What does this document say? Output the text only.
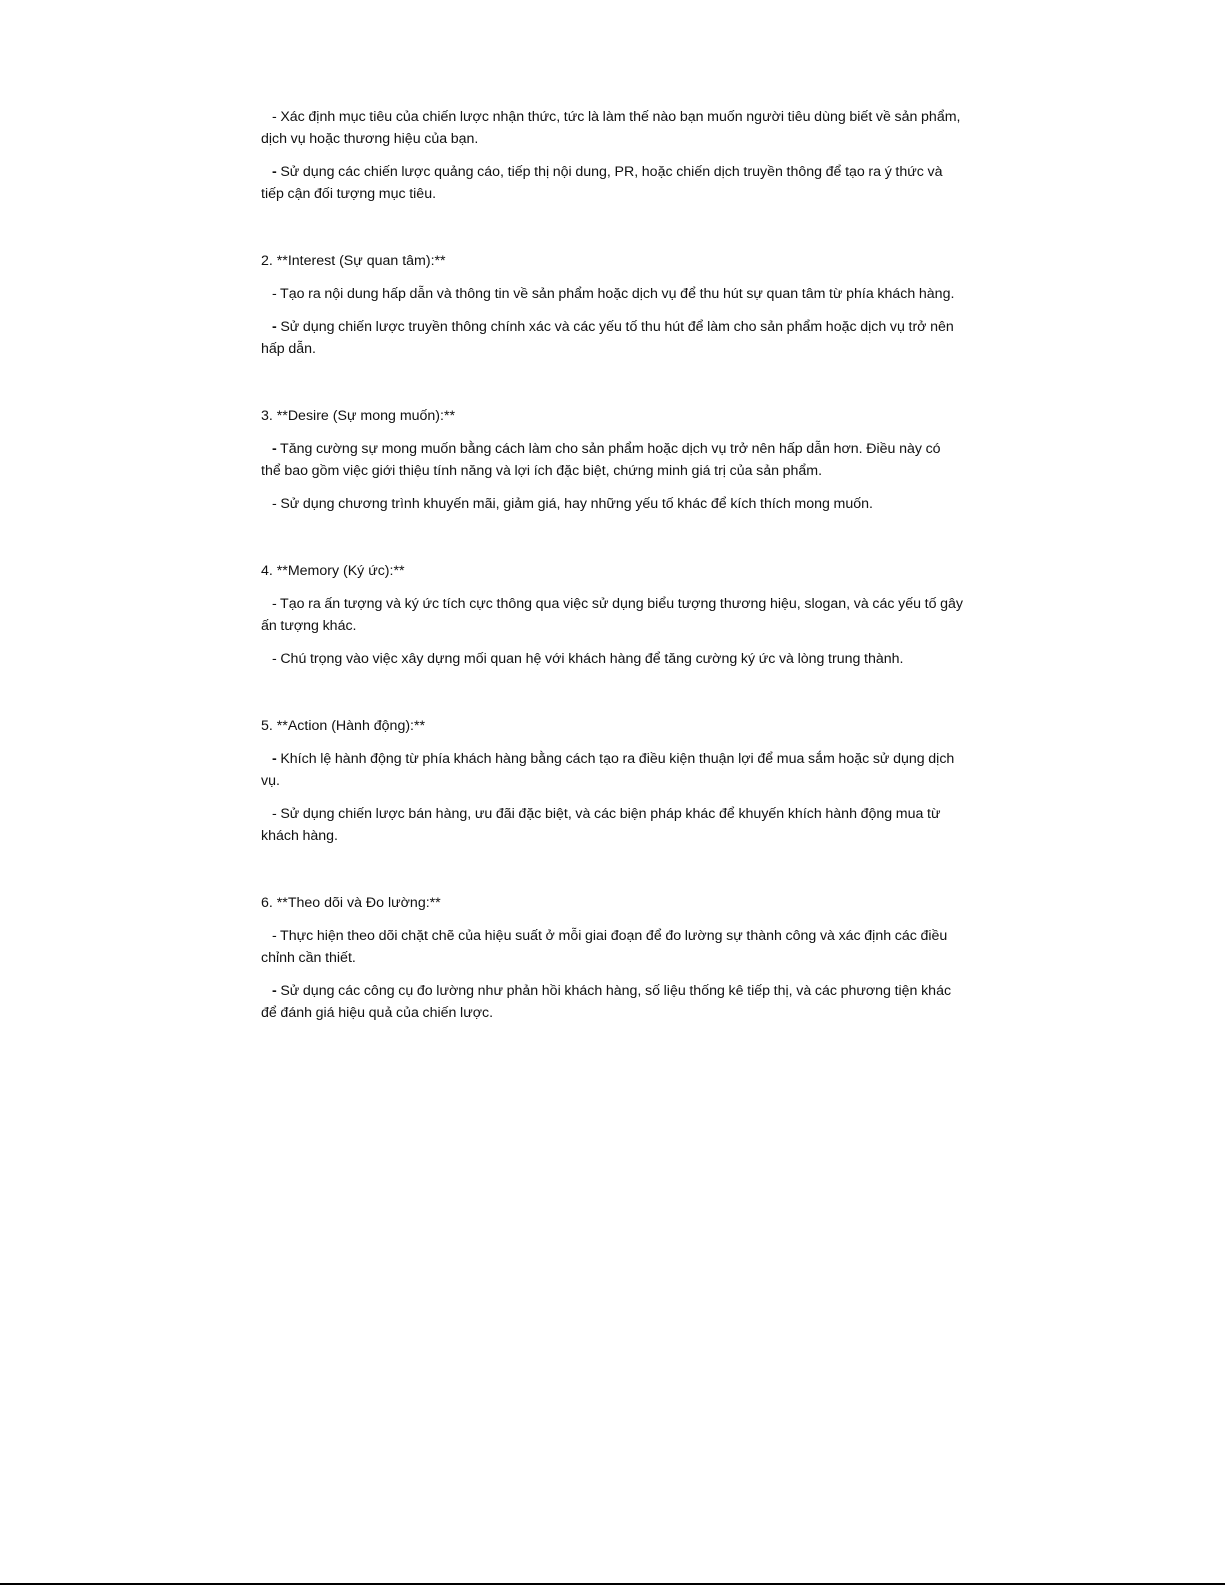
- Xác định mục tiêu của chiến lược nhận thức, tức là làm thế nào bạn muốn người tiêu dùng biết về sản phẩm, dịch vụ hoặc thương hiệu của bạn.

- Sử dụng các chiến lược quảng cáo, tiếp thị nội dung, PR, hoặc chiến dịch truyền thông để tạo ra ý thức và tiếp cận đối tượng mục tiêu.

2. **Interest (Sự quan tâm):**

- Tạo ra nội dung hấp dẫn và thông tin về sản phẩm hoặc dịch vụ để thu hút sự quan tâm từ phía khách hàng.

- Sử dụng chiến lược truyền thông chính xác và các yếu tố thu hút để làm cho sản phẩm hoặc dịch vụ trở nên hấp dẫn.

3. **Desire (Sự mong muốn):**

- Tăng cường sự mong muốn bằng cách làm cho sản phẩm hoặc dịch vụ trở nên hấp dẫn hơn. Điều này có thể bao gồm việc giới thiệu tính năng và lợi ích đặc biệt, chứng minh giá trị của sản phẩm.

- Sử dụng chương trình khuyến mãi, giảm giá, hay những yếu tố khác để kích thích mong muốn.

4. **Memory (Ký ức):**

- Tạo ra ấn tượng và ký ức tích cực thông qua việc sử dụng biểu tượng thương hiệu, slogan, và các yếu tố gây ấn tượng khác.

- Chú trọng vào việc xây dựng mối quan hệ với khách hàng để tăng cường ký ức và lòng trung thành.

5. **Action (Hành động):**

- Khích lệ hành động từ phía khách hàng bằng cách tạo ra điều kiện thuận lợi để mua sắm hoặc sử dụng dịch vụ.

- Sử dụng chiến lược bán hàng, ưu đãi đặc biệt, và các biện pháp khác để khuyến khích hành động mua từ khách hàng.

6. **Theo dõi và Đo lường:**

- Thực hiện theo dõi chặt chẽ của hiệu suất ở mỗi giai đoạn để đo lường sự thành công và xác định các điều chỉnh cần thiết.

- Sử dụng các công cụ đo lường như phản hồi khách hàng, số liệu thống kê tiếp thị, và các phương tiện khác để đánh giá hiệu quả của chiến lược.
